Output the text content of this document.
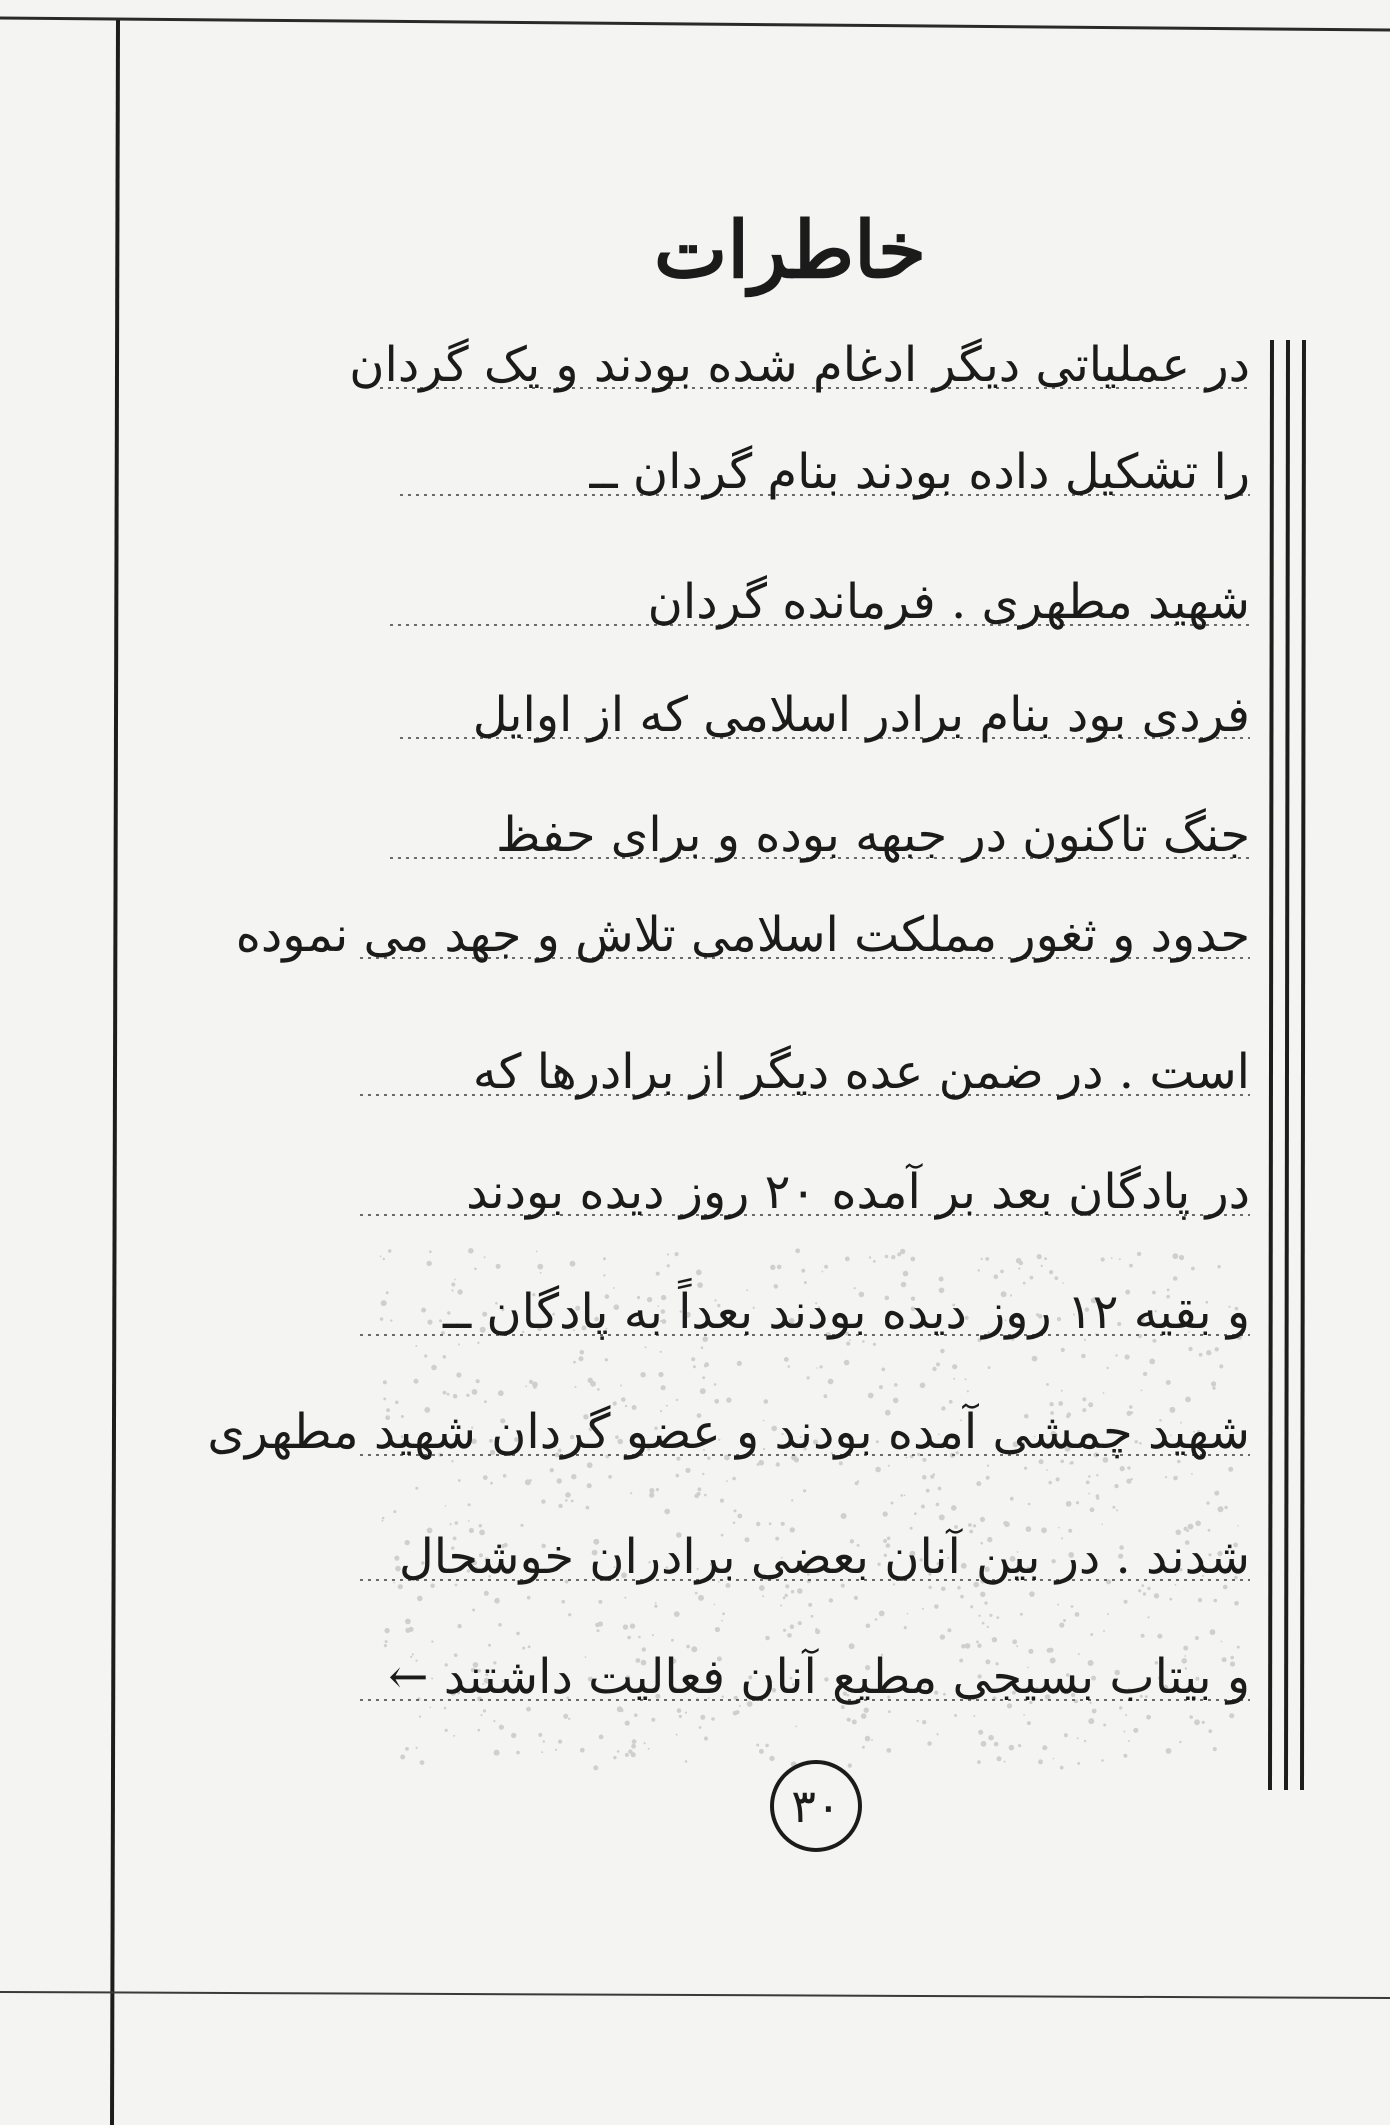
خاطرات
در عملیاتی دیگر ادغام شده بودند و یک گردان
را تشکیل داده بودند بنام گردان ــ
شهید مطهری . فرمانده گردان
فردی بود بنام برادر اسلامی که از اوایل
جنگ تاکنون در جبهه بوده و برای حفظ
حدود و ثغور مملکت اسلامی تلاش و جهد می نموده
است . در ضمن عده دیگر از برادرها که
در پادگان بعد بر آمده ۲۰ روز دیده بودند
و بقیه ۱۲ روز دیده بودند بعداً به پادگان ــ
شهید چمشی آمده بودند و عضو گردان شهید مطهری
شدند . در بین آنان بعضی برادران خوشحال
و بیتاب بسیجی مطیع آنان فعالیت داشتند ←
۳۰
